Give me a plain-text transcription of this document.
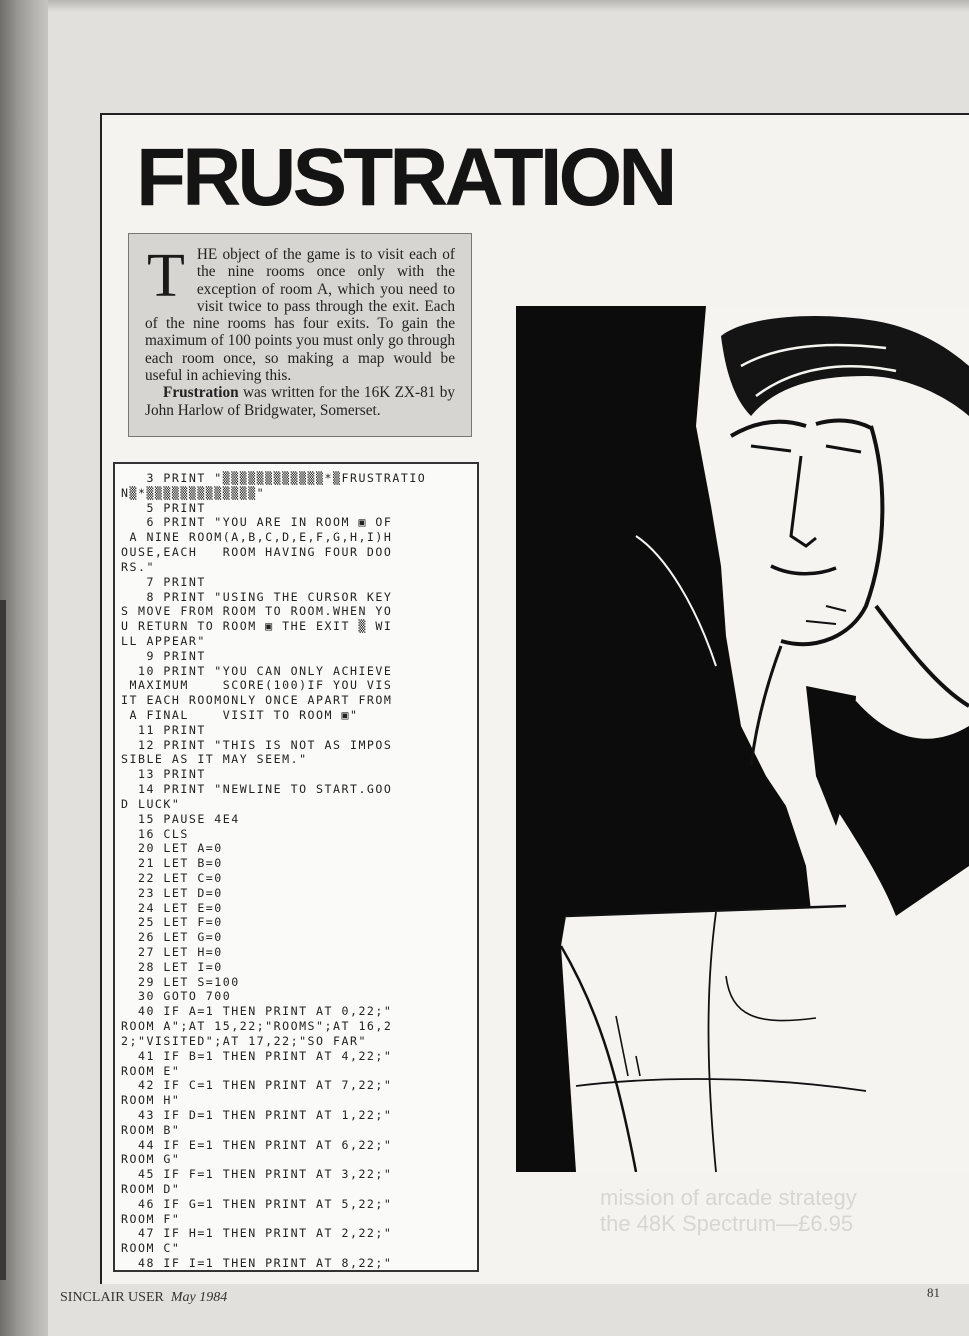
mission of arcade strategy
the 48K Spectrum—£6.95
FRUSTRATION
T HE object of the game is to visit each of the nine rooms once only with the exception of room A, which you need to visit twice to pass through the exit. Each of the nine rooms has four exits. To gain the maximum of 100 points you must only go through each room once, so making a map would be useful in achieving this.

Frustration was written for the 16K ZX-81 by John Harlow of Bridgwater, Somerset.

3 PRINT "▒▒▒▒▒▒▒▒▒▒▒▒*▒FRUSTRATIO
N▒*▒▒▒▒▒▒▒▒▒▒▒▒▒"
5 PRINT
6 PRINT "YOU ARE IN ROOM ▣ OF
A NINE ROOM(A,B,C,D,E,F,G,H,I)H
OUSE,EACH   ROOM HAVING FOUR DOO
RS."
7 PRINT
8 PRINT "USING THE CURSOR KEY
S MOVE FROM ROOM TO ROOM.WHEN YO
U RETURN TO ROOM ▣ THE EXIT ▒ WI
LL APPEAR"
9 PRINT
10 PRINT "YOU CAN ONLY ACHIEVE
MAXIMUM    SCORE(100)IF YOU VIS
IT EACH ROOMONLY ONCE APART FROM
A FINAL    VISIT TO ROOM ▣"
11 PRINT
12 PRINT "THIS IS NOT AS IMPOS
SIBLE AS IT MAY SEEM."
13 PRINT
14 PRINT "NEWLINE TO START.GOO
D LUCK"
15 PAUSE 4E4
16 CLS
20 LET A=0
21 LET B=0
22 LET C=0
23 LET D=0
24 LET E=0
25 LET F=0
26 LET G=0
27 LET H=0
28 LET I=0
29 LET S=100
30 GOTO 700
40 IF A=1 THEN PRINT AT 0,22;"
ROOM A";AT 15,22;"ROOMS";AT 16,2
2;"VISITED";AT 17,22;"SO FAR"
41 IF B=1 THEN PRINT AT 4,22;"
ROOM E"
42 IF C=1 THEN PRINT AT 7,22;"
ROOM H"
43 IF D=1 THEN PRINT AT 1,22;"
ROOM B"
44 IF E=1 THEN PRINT AT 6,22;"
ROOM G"
45 IF F=1 THEN PRINT AT 3,22;"
ROOM D"
46 IF G=1 THEN PRINT AT 5,22;"
ROOM F"
47 IF H=1 THEN PRINT AT 2,22;"
ROOM C"
48 IF I=1 THEN PRINT AT 8,22;"
SINCLAIR USER May 1984	81
